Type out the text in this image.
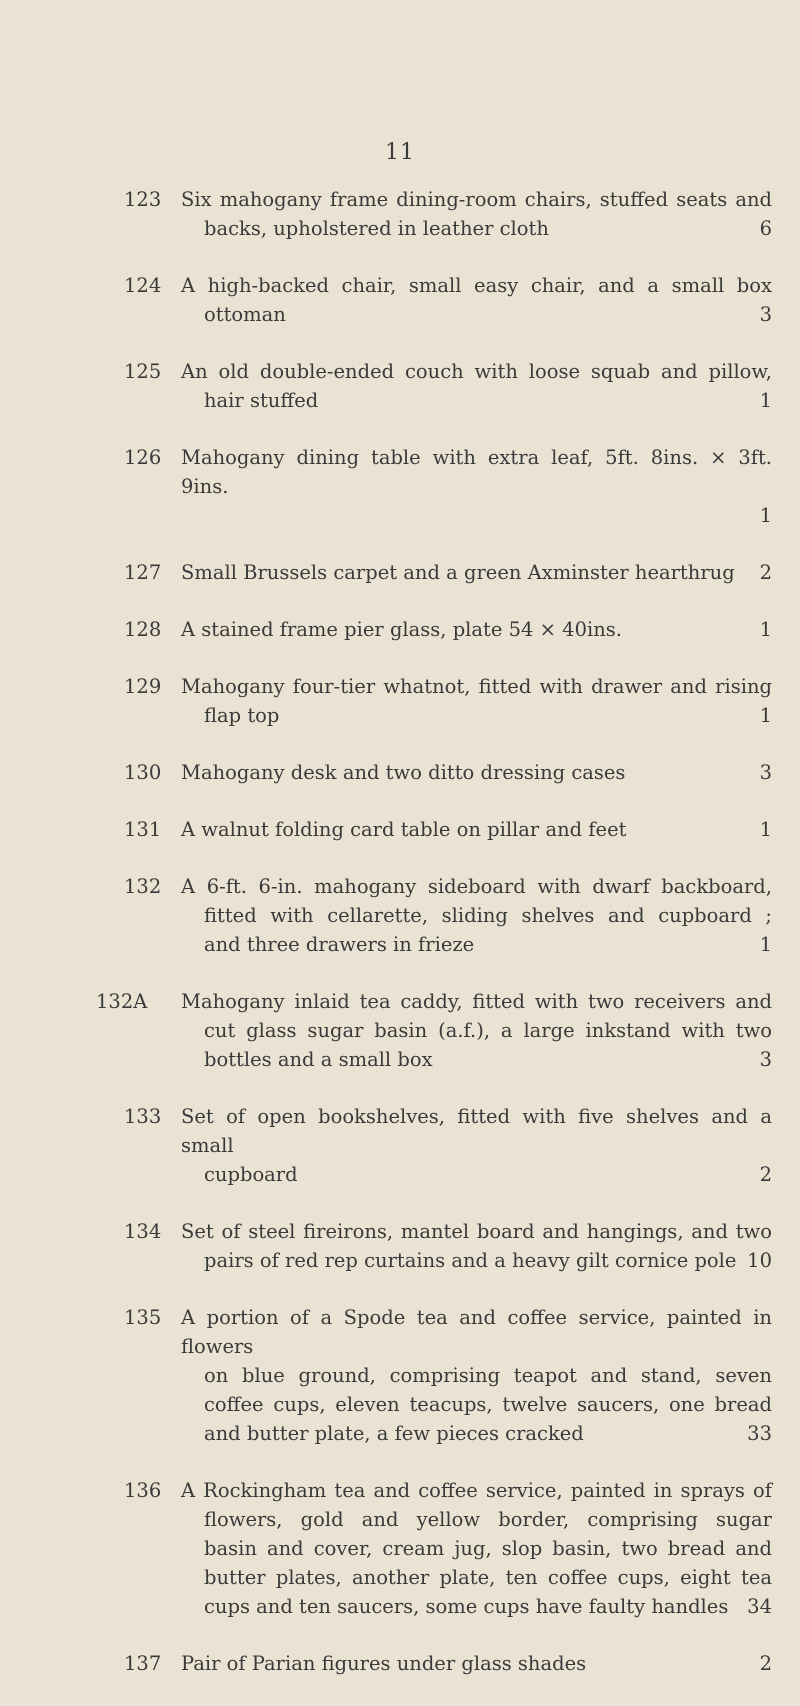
11
123 Six mahogany frame dining-room chairs, stuffed seats and
backs, upholstered in leather cloth	6
124 A high-backed chair, small easy chair, and a small box
ottoman	3
125 An old double-ended couch with loose squab and pillow,
hair stuffed	1
126 Mahogany dining table with extra leaf, 5ft. 8ins. × 3ft. 9ins.
1
127 Small Brussels carpet and a green Axminster hearthrug 2
128 A stained frame pier glass, plate 54 × 40ins.	1
129 Mahogany four-tier whatnot, fitted with drawer and rising
flap top	1
130 Mahogany desk and two ditto dressing cases	3
131 A walnut folding card table on pillar and feet	1
132 A 6-ft. 6-in. mahogany sideboard with dwarf backboard,
fitted with cellarette, sliding shelves and cupboard ;
and three drawers in frieze	1
132A Mahogany inlaid tea caddy, fitted with two receivers and
cut glass sugar basin (a.f.), a large inkstand with two
bottles and a small box	3
133 Set of open bookshelves, fitted with five shelves and a small
cupboard	2
134 Set of steel fireirons, mantel board and hangings, and two
pairs of red rep curtains and a heavy gilt cornice pole 10
135 A portion of a Spode tea and coffee service, painted in flowers
on blue ground, comprising teapot and stand, seven
coffee cups, eleven teacups, twelve saucers, one bread
and butter plate, a few pieces cracked	33
136 A Rockingham tea and coffee service, painted in sprays of
flowers, gold and yellow border, comprising sugar
basin and cover, cream jug, slop basin, two bread and
butter plates, another plate, ten coffee cups, eight tea
cups and ten saucers, some cups have faulty handles 34
137 Pair of Parian figures under glass shades	2
